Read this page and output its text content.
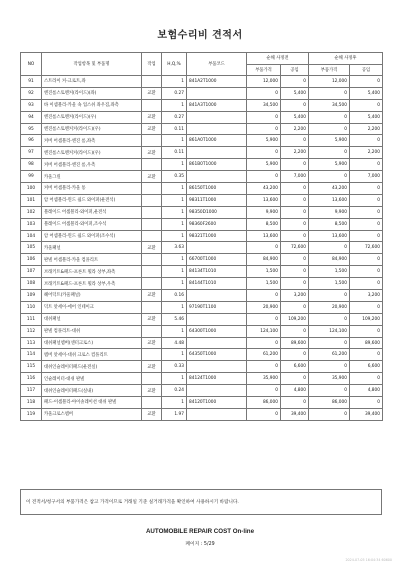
보험수리비 견적서
NO	작업항목 및 부품명	작업	H,Q,%	부품코드	순해 사정전		순해 사정후	
					부품가격	공임	부품가격	공임
91	스트라이 커-크로트,좌		1	841A2T1000	12,000	0	12,000	0
92	엔진룸스토멘커(라이드)(좌)	교환	0.27		0	5,400	0	5,400
93	바 이셈블리-카울 속 업스쉬 좌우짐,좌측		1	841A3T1000	34,500	0	34,500	0
94	엔진룸스토멘커(라이드)(우)	교환	0.27		0	5,400	0	5,400
95	엔진룸스토멘커커(라이드)(우)	교환	0.11		0	2,200	0	2,200
96	커버 어셈블리-엔진 룸,좌측		1	861A0T1000	5,900	0	5,900	0
97	엔진룸스토멘커커(라이드)(우)	교환	0.11		0	2,200	0	2,200
98	커버 어셈블리-엔진 룸,우측		1	861B0T1000	5,900	0	5,900	0
99	카울그릴	교환	0.35		0	7,000	0	7,000
100	커버 어셈블리-카울 통		1	86150T1000	43,200	0	43,200	0
101	암 어셈블리-윈드 쉴드 와이퍼(운전석)		1	98311T1000	13,600	0	13,600	0
102	블레이드 어셈블리-와이퍼,운전석		1	98350D1000	9,900	0	9,900	0
103	블레이드 어셈블리-와이퍼,조수석		1	98360F2600	8,500	0	8,500	0
104	암 어셈블리-윈드 쉴드 와이퍼(조수석)		1	98321T1000	13,600	0	13,600	0
105	카울패널	교환	3.63		0	72,600	0	72,600
106	판넬 어셈블리-카울 컴플리트		1	66700T1000	84,900	0	84,900	0
107	브래키트&패드-프론트 휠라 상부,좌측		1	84134T1010	1,500	0	1,500	0
108	브래키트&패드-프론트 휠라 상부,우측		1	84144T1010	1,500	0	1,500	0
109	헤어덕트(카울패널)	교환	0.16		0	3,200	0	3,200
110	덕트 앗세이-에어 인테이크		1	97190T1100	20,900	0	20,900	0
111	대쉬패널	교환	5.46		0	109,200	0	109,200
112	판넬 컴플리트-대쉬		1	64300T1000	124,100	0	124,100	0
113	대쉬패널멤버(센터크로스)	교환	4.48		0	89,600	0	89,600
114	멤버 앗세이-대쉬 크로스 컴플리트		1	64350T1000	61,200	0	61,200	0
115	대쉬인슐레이터패드(운전실)	교환	0.33		0	6,600	0	6,600
116	인슐레이터-대쉬 판넬		1	84124T1000	35,900	0	35,900	0
117	대쉬인슐레이터패드(실내)	교환	0.24		0	4,800	0	4,800
118	패드-이셈블리-아이솔레이션 대쉬 판넬		1	84120T1000	86,000	0	86,000	0
119	카울크로스멤버	교환	1.97		0	39,400	0	39,400
이 견적서/청구서의 부품가격은 참고 가격이므로 거래일 기준 실거래가격을 확인하여 사용하시기 바랍니다.
AUTOMOBILE REPAIR COST On-line
페이지 : 5/29
2024-07-05 16:04:34 60600
